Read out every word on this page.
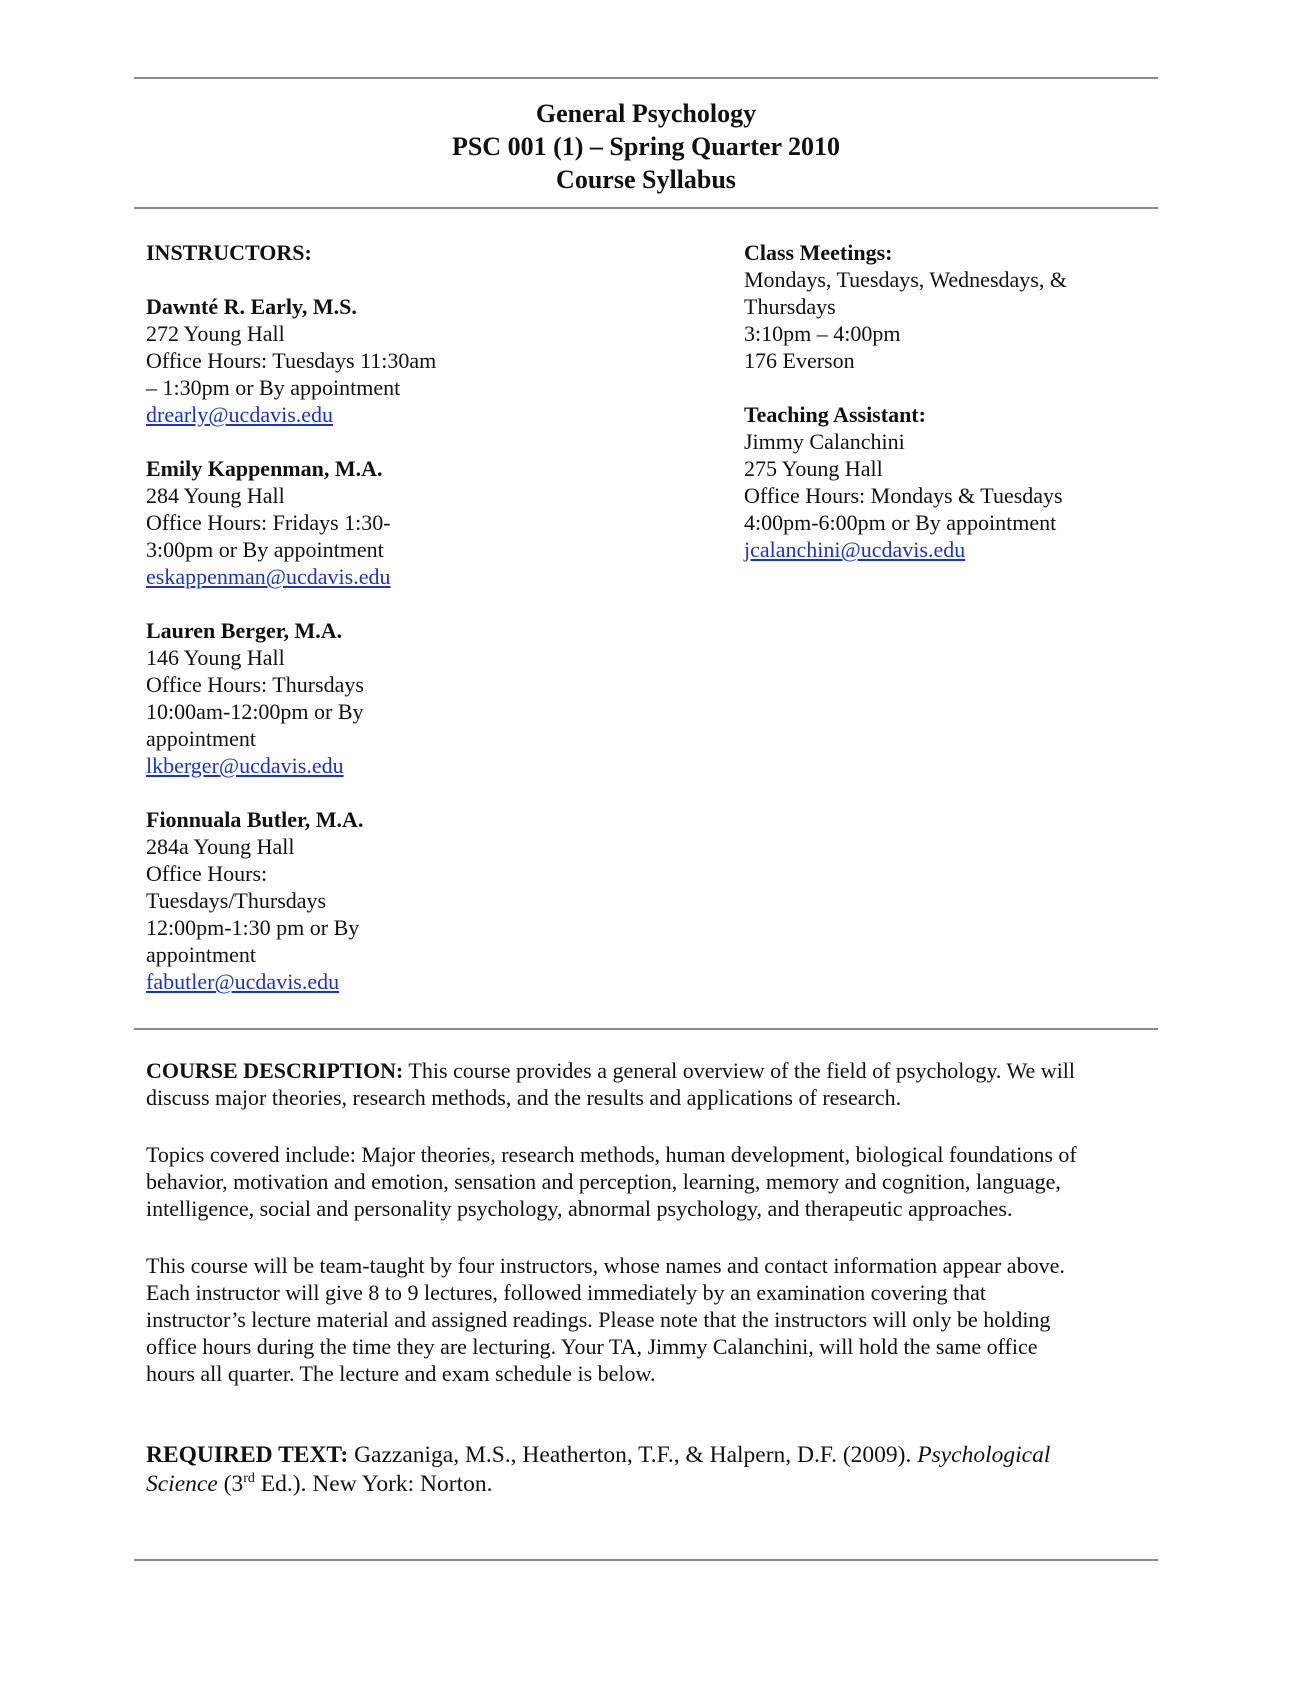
General Psychology
PSC 001 (1) – Spring Quarter 2010
Course Syllabus
INSTRUCTORS:
Dawnté R. Early, M.S.
272 Young Hall
Office Hours: Tuesdays 11:30am
– 1:30pm or By appointment
drearly@ucdavis.edu
Emily Kappenman, M.A.
284 Young Hall
Office Hours: Fridays 1:30-
3:00pm or By appointment
eskappenman@ucdavis.edu
Lauren Berger, M.A.
146 Young Hall
Office Hours: Thursdays
10:00am-12:00pm or By
appointment
lkberger@ucdavis.edu
Fionnuala Butler, M.A.
284a Young Hall
Office Hours:
Tuesdays/Thursdays
12:00pm-1:30 pm or By
appointment
fabutler@ucdavis.edu
Class Meetings:
Mondays, Tuesdays, Wednesdays, &
Thursdays
3:10pm – 4:00pm
176 Everson
Teaching Assistant:
Jimmy Calanchini
275 Young Hall
Office Hours: Mondays & Tuesdays
4:00pm-6:00pm or By appointment
jcalanchini@ucdavis.edu

COURSE DESCRIPTION: This course provides a general overview of the field of psychology. We will
discuss major theories, research methods, and the results and applications of research.

Topics covered include: Major theories, research methods, human development, biological foundations of
behavior, motivation and emotion, sensation and perception, learning, memory and cognition, language,
intelligence, social and personality psychology, abnormal psychology, and therapeutic approaches.
This course will be team-taught by four instructors, whose names and contact information appear above.
Each instructor will give 8 to 9 lectures, followed immediately by an examination covering that
instructor’s lecture material and assigned readings. Please note that the instructors will only be holding
office hours during the time they are lecturing. Your TA, Jimmy Calanchini, will hold the same office
hours all quarter. The lecture and exam schedule is below.
REQUIRED TEXT: Gazzaniga, M.S., Heatherton, T.F., & Halpern, D.F. (2009). Psychological
Science (3rd Ed.). New York: Norton.
